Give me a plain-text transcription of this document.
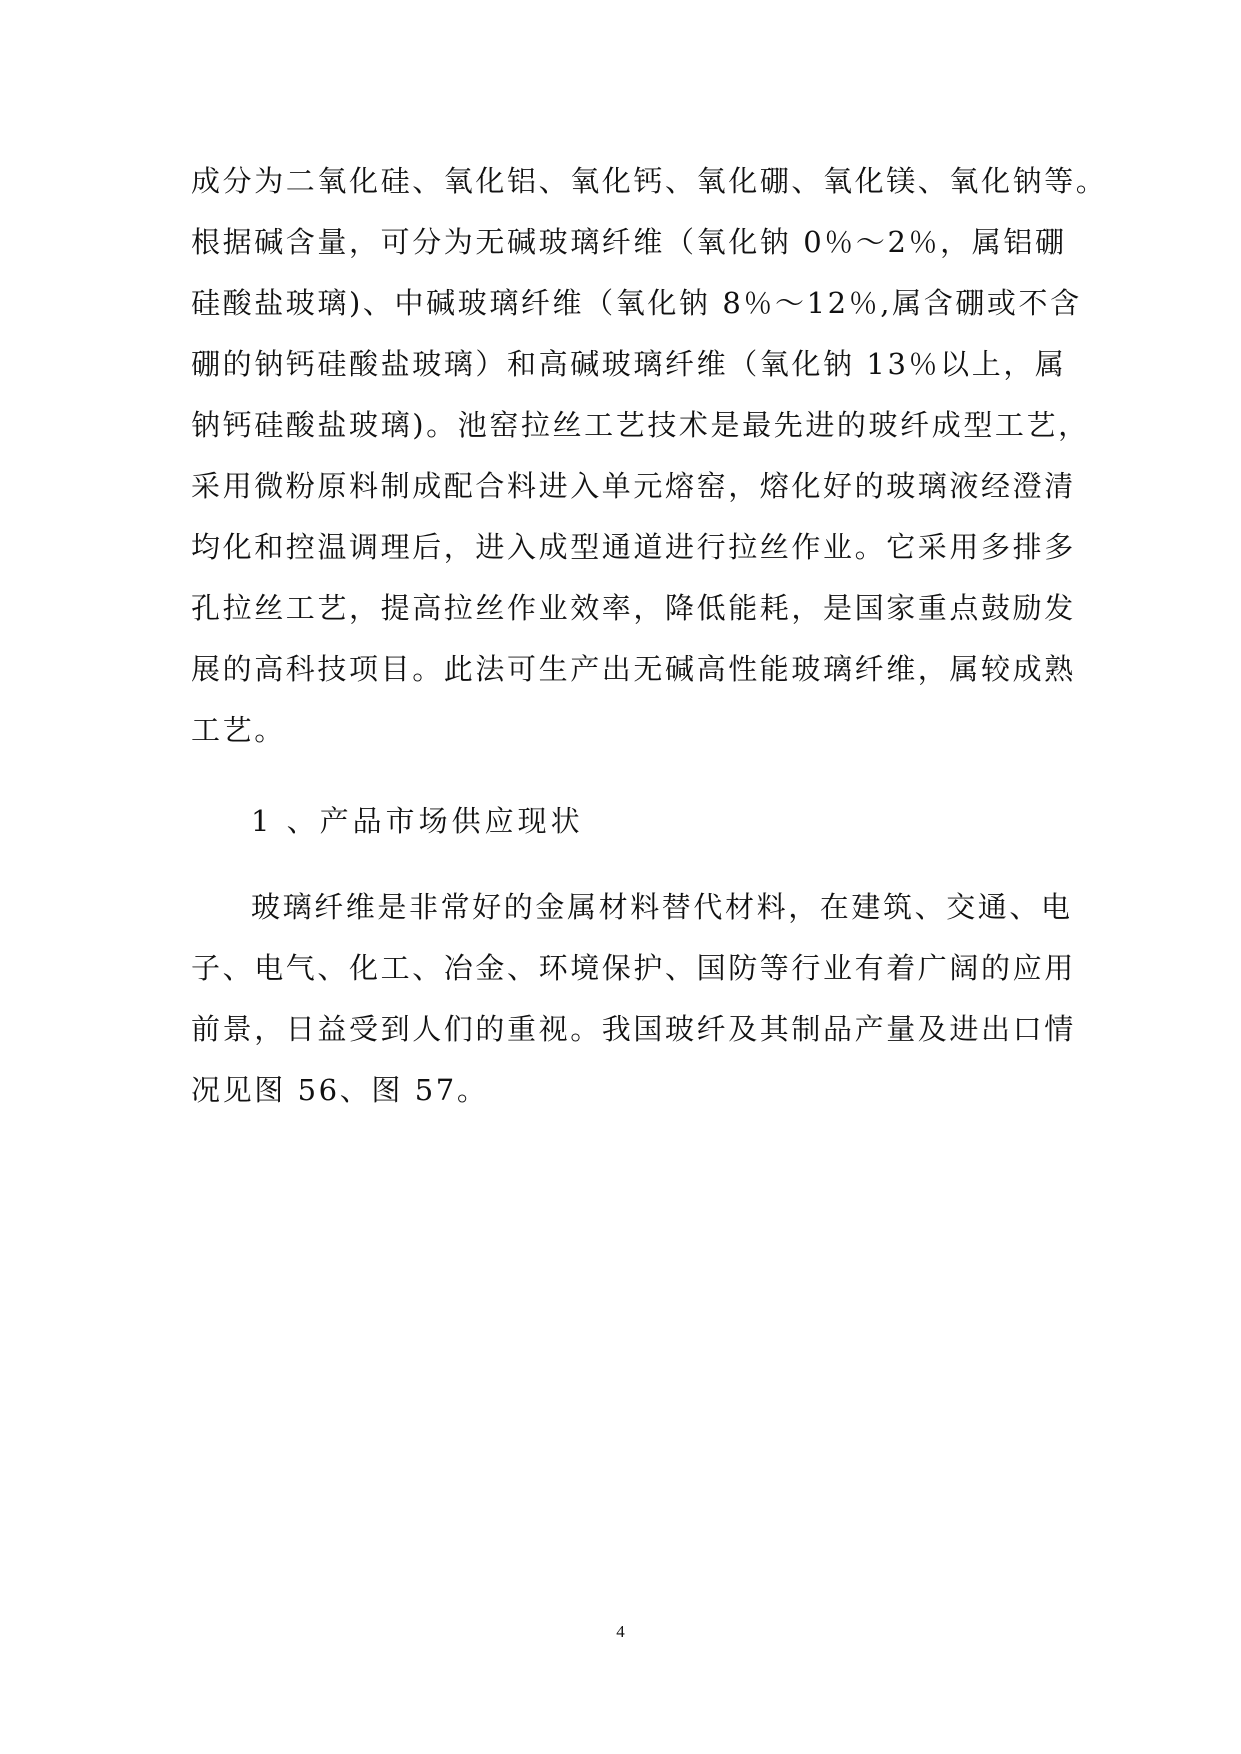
成分为二氧化硅、氧化铝、氧化钙、氧化硼、氧化镁、氧化钠等。
根据碱含量，可分为无碱玻璃纤维（氧化钠 0％～2％，属铝硼
硅酸盐玻璃)、中碱玻璃纤维（氧化钠 8％～12％,属含硼或不含
硼的钠钙硅酸盐玻璃）和高碱玻璃纤维（氧化钠 13％以上，属
钠钙硅酸盐玻璃)。池窑拉丝工艺技术是最先进的玻纤成型工艺，
采用微粉原料制成配合料进入单元熔窑，熔化好的玻璃液经澄清
均化和控温调理后，进入成型通道进行拉丝作业。它采用多排多
孔拉丝工艺，提高拉丝作业效率，降低能耗，是国家重点鼓励发
展的高科技项目。此法可生产出无碱高性能玻璃纤维，属较成熟
工艺。
1 、产品市场供应现状
玻璃纤维是非常好的金属材料替代材料，在建筑、交通、电
子、电气、化工、冶金、环境保护、国防等行业有着广阔的应用
前景，日益受到人们的重视。我国玻纤及其制品产量及进出口情
况见图 56、图 57。
4
